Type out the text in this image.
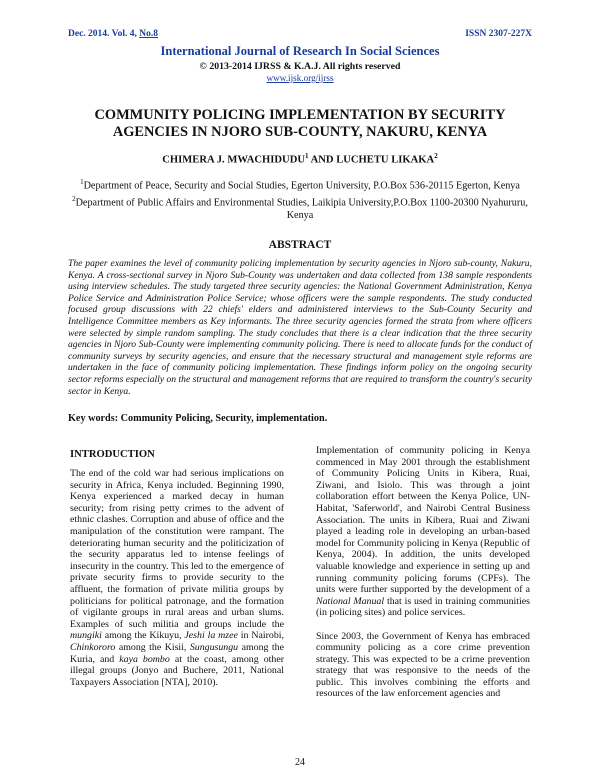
Dec. 2014. Vol. 4, No.8	ISSN 2307-227X
International Journal of Research In Social Sciences
© 2013-2014 IJRSS & K.A.J. All rights reserved
www.ijsk.org/ijrss
COMMUNITY POLICING IMPLEMENTATION BY SECURITY AGENCIES IN NJORO SUB-COUNTY, NAKURU, KENYA
CHIMERA J. MWACHIDUDU$^1$ AND LUCHETU LIKAKA$^2$
$^1$Department of Peace, Security and Social Studies, Egerton University, P.O.Box 536-20115 Egerton, Kenya
$^2$Department of Public Affairs and Environmental Studies, Laikipia University,P.O.Box 1100-20300 Nyahururu, Kenya
ABSTRACT
The paper examines the level of community policing implementation by security agencies in Njoro sub-county, Nakuru, Kenya. A cross-sectional survey in Njoro Sub-County was undertaken and data collected from 138 sample respondents using interview schedules. The study targeted three security agencies: the National Government Administration, Kenya Police Service and Administration Police Service; whose officers were the sample respondents. The study conducted focused group discussions with 22 chiefs' elders and administered interviews to the Sub-County Security and Intelligence Committee members as Key informants. The three security agencies formed the strata from where officers were selected by simple random sampling. The study concludes that there is a clear indication that the three security agencies in Njoro Sub-County were implementing community policing. There is need to allocate funds for the conduct of community surveys by security agencies, and ensure that the necessary structural and management style reforms are undertaken in the face of community policing implementation. These findings inform policy on the ongoing security sector reforms especially on the structural and management reforms that are required to transform the country's security sector in Kenya.
Key words: Community Policing, Security, implementation.
INTRODUCTION

The end of the cold war had serious implications on security in Africa, Kenya included. Beginning 1990, Kenya experienced a marked decay in human security; from rising petty crimes to the advent of ethnic clashes. Corruption and abuse of office and the manipulation of the constitution were rampant. The deteriorating human security and the politicization of the security apparatus led to intense feelings of insecurity in the country. This led to the emergence of private security firms to provide security to the affluent, the formation of private militia groups by politicians for political patronage, and the formation of vigilante groups in rural areas and urban slums. Examples of such militia and groups include the mungiki among the Kikuyu, Jeshi la mzee in Nairobi, Chinkororo among the Kisii, Sungusungu among the Kuria, and kaya bombo at the coast, among other illegal groups (Jonyo and Buchere, 2011, National Taxpayers Association [NTA], 2010).

Implementation of community policing in Kenya commenced in May 2001 through the establishment of Community Policing Units in Kibera, Ruai, Ziwani, and Isiolo. This was through a joint collaboration effort between the Kenya Police, UN-Habitat, 'Saferworld', and Nairobi Central Business Association. The units in Kibera, Ruai and Ziwani played a leading role in developing an urban-based model for Community policing in Kenya (Republic of Kenya, 2004). In addition, the units developed valuable knowledge and experience in setting up and running community policing forums (CPFs). The units were further supported by the development of a National Manual that is used in training communities (in policing sites) and police services.

Since 2003, the Government of Kenya has embraced community policing as a core crime prevention strategy. This was expected to be a crime prevention strategy that was responsive to the needs of the public. This involves combining the efforts and resources of the law enforcement agencies and

24
